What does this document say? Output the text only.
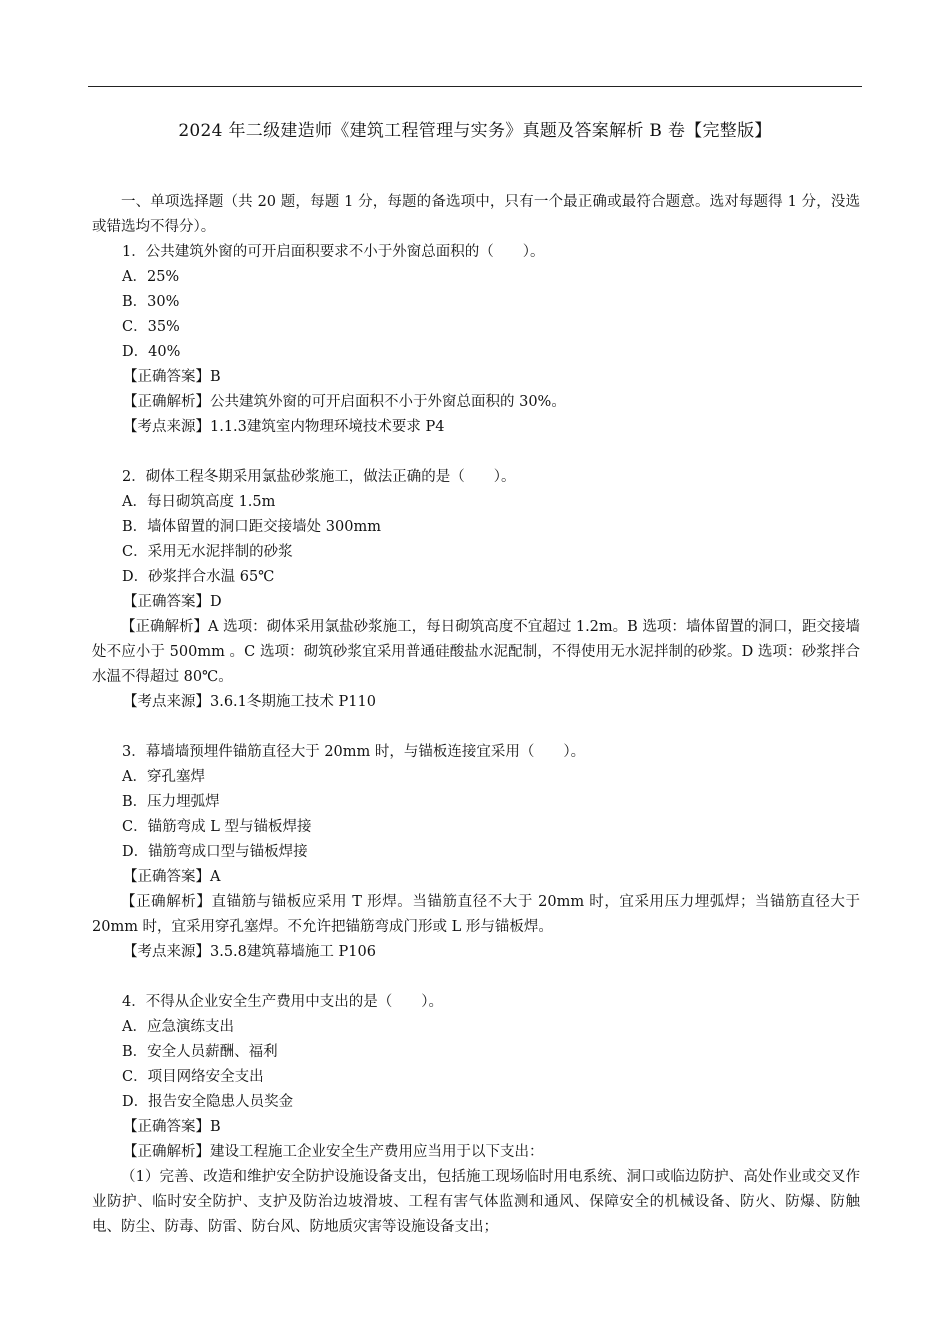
2024 年二级建造师《建筑工程管理与实务》真题及答案解析 B 卷【完整版】

一、单项选择题（共 20 题，每题 1 分，每题的备选项中，只有一个最正确或最符合题意。选对每题得 1 分，没选或错选均不得分）。

1．公共建筑外窗的可开启面积要求不小于外窗总面积的（　　）。

A．25%

B．30%

C．35%

D．40%

【正确答案】B

【正确解析】公共建筑外窗的可开启面积不小于外窗总面积的 30%。

【考点来源】1.1.3建筑室内物理环境技术要求 P4

2．砌体工程冬期采用氯盐砂浆施工，做法正确的是（　　）。

A．每日砌筑高度 1.5m

B．墙体留置的洞口距交接墙处 300mm

C．采用无水泥拌制的砂浆

D．砂浆拌合水温 65℃

【正确答案】D

【正确解析】A 选项：砌体采用氯盐砂浆施工，每日砌筑高度不宜超过 1.2m。B 选项：墙体留置的洞口，距交接墙处不应小于 500mm 。C 选项：砌筑砂浆宜采用普通硅酸盐水泥配制，不得使用无水泥拌制的砂浆。D 选项：砂浆拌合水温不得超过 80℃。

【考点来源】3.6.1冬期施工技术 P110

3．幕墙墙预埋件锚筋直径大于 20mm 时，与锚板连接宜采用（　　）。

A．穿孔塞焊

B．压力埋弧焊

C．锚筋弯成 L 型与锚板焊接

D．锚筋弯成口型与锚板焊接

【正确答案】A

【正确解析】直锚筋与锚板应采用 T 形焊。当锚筋直径不大于 20mm 时，宜采用压力埋弧焊；当锚筋直径大于 20mm 时，宜采用穿孔塞焊。不允许把锚筋弯成门形或 L 形与锚板焊。

【考点来源】3.5.8建筑幕墙施工 P106

4．不得从企业安全生产费用中支出的是（　　）。

A．应急演练支出

B．安全人员薪酬、福利

C．项目网络安全支出

D．报告安全隐患人员奖金

【正确答案】B

【正确解析】建设工程施工企业安全生产费用应当用于以下支出：

（1）完善、改造和维护安全防护设施设备支出，包括施工现场临时用电系统、洞口或临边防护、高处作业或交叉作业防护、临时安全防护、支护及防治边坡滑坡、工程有害气体监测和通风、保障安全的机械设备、防火、防爆、防触电、防尘、防毒、防雷、防台风、防地质灾害等设施设备支出；
